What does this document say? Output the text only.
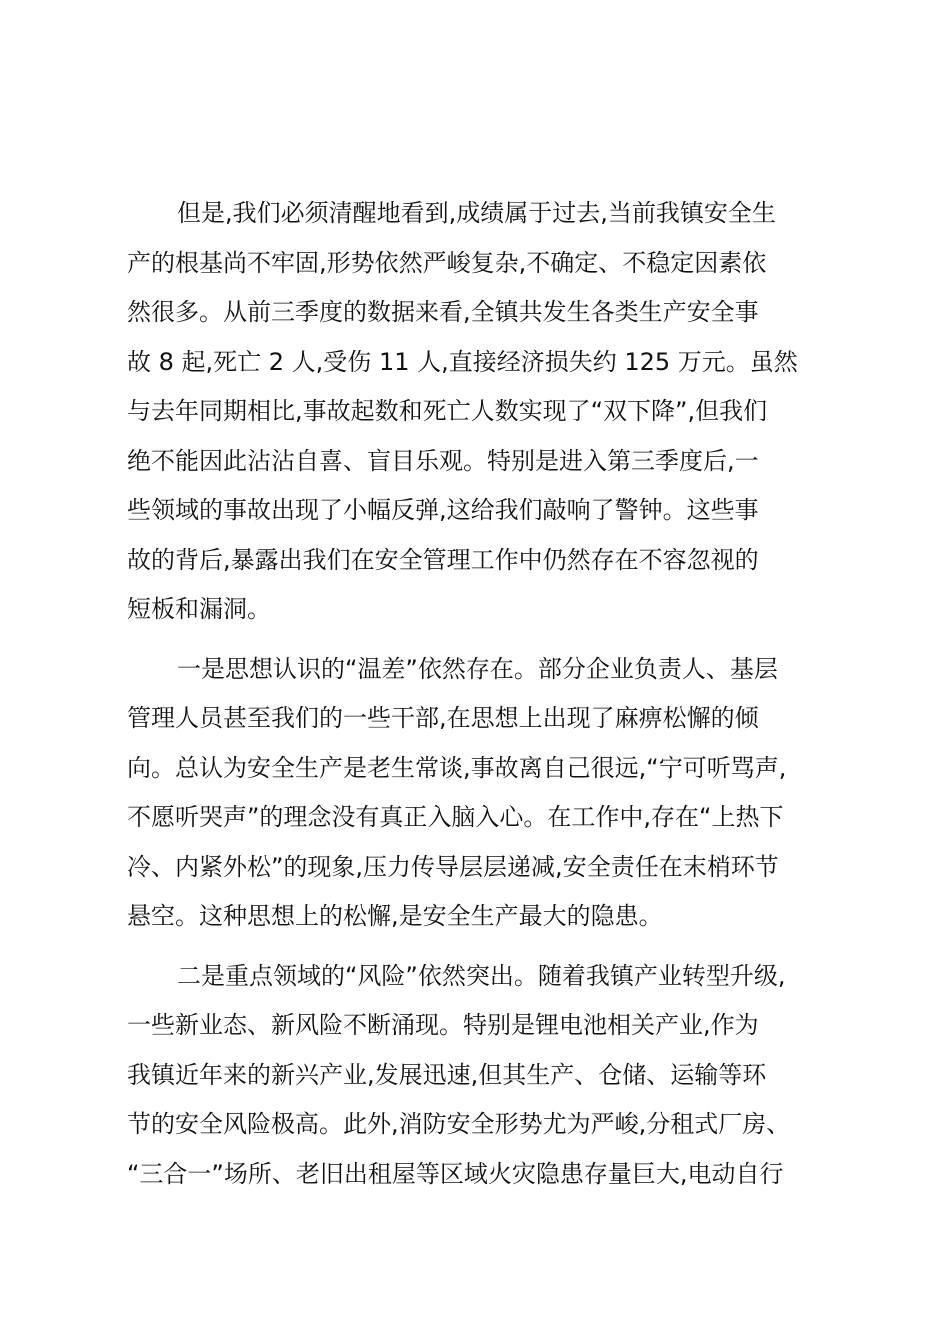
但是,我们必须清醒地看到,成绩属于过去,当前我镇安全生
产的根基尚不牢固,形势依然严峻复杂,不确定、不稳定因素依
然很多。从前三季度的数据来看,全镇共发生各类生产安全事
故 8 起,死亡 2 人,受伤 11 人,直接经济损失约 125 万元。虽然
与去年同期相比,事故起数和死亡人数实现了“双下降”,但我们
绝不能因此沾沾自喜、盲目乐观。特别是进入第三季度后,一
些领域的事故出现了小幅反弹,这给我们敲响了警钟。这些事
故的背后,暴露出我们在安全管理工作中仍然存在不容忽视的
短板和漏洞。

一是思想认识的“温差”依然存在。部分企业负责人、基层
管理人员甚至我们的一些干部,在思想上出现了麻痹松懈的倾
向。总认为安全生产是老生常谈,事故离自己很远,“宁可听骂声,
不愿听哭声”的理念没有真正入脑入心。在工作中,存在“上热下
冷、内紧外松”的现象,压力传导层层递减,安全责任在末梢环节
悬空。这种思想上的松懈,是安全生产最大的隐患。

二是重点领域的“风险”依然突出。随着我镇产业转型升级,
一些新业态、新风险不断涌现。特别是锂电池相关产业,作为
我镇近年来的新兴产业,发展迅速,但其生产、仓储、运输等环
节的安全风险极高。此外,消防安全形势尤为严峻,分租式厂房、
“三合一”场所、老旧出租屋等区域火灾隐患存量巨大,电动自行
